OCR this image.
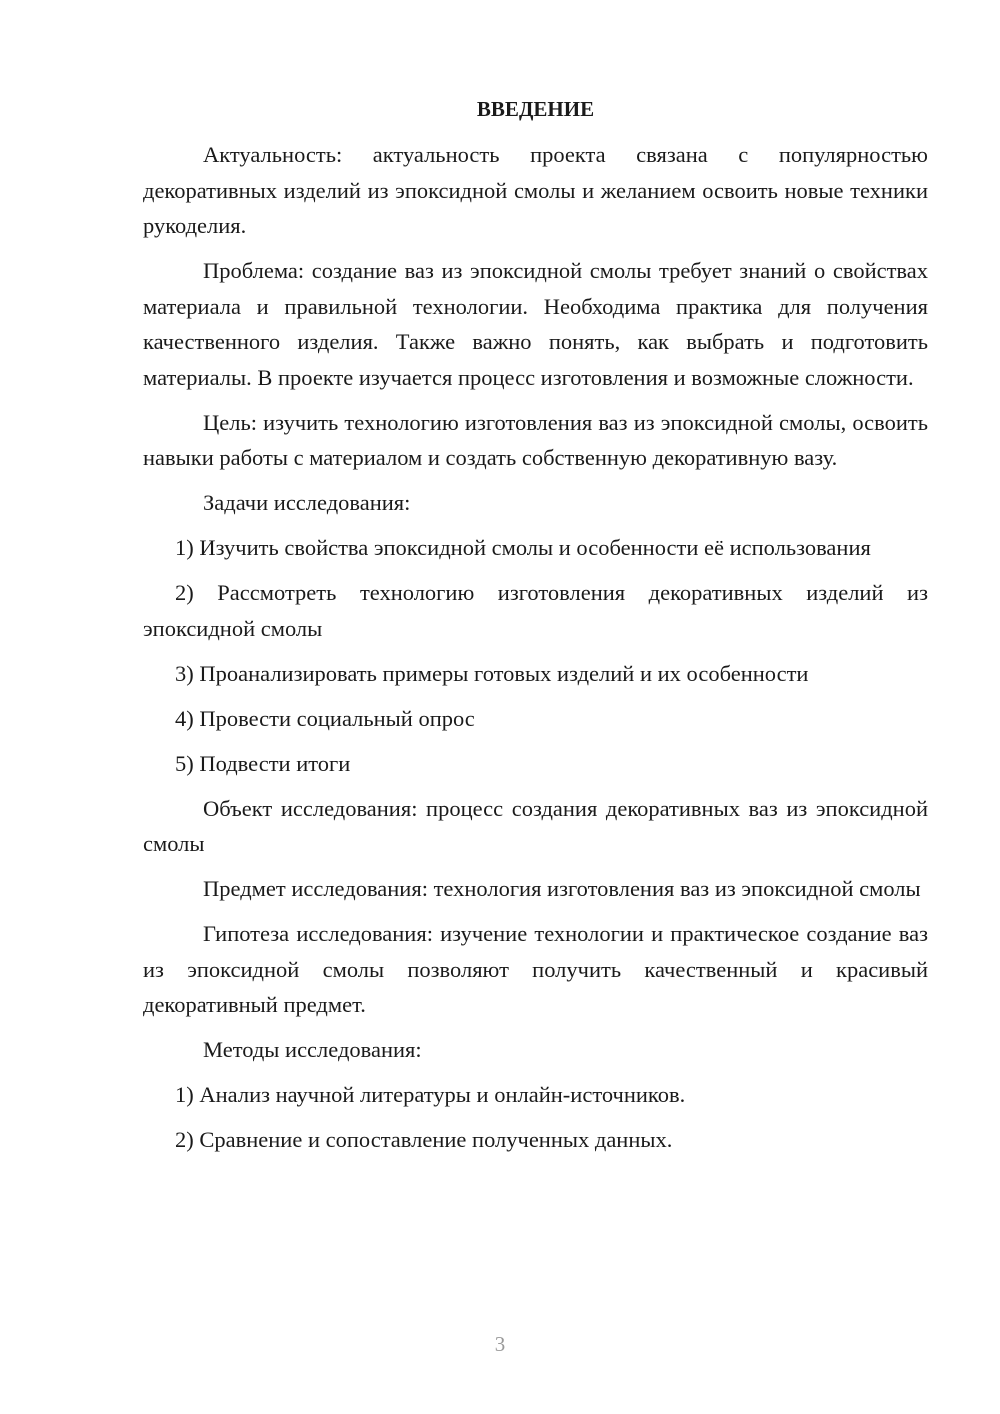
ВВЕДЕНИЕ

Актуальность: актуальность проекта связана с популярностью декоративных изделий из эпоксидной смолы и желанием освоить новые техники рукоделия.

Проблема: создание ваз из эпоксидной смолы требует знаний о свойствах материала и правильной технологии. Необходима практика для получения качественного изделия. Также важно понять, как выбрать и подготовить материалы. В проекте изучается процесс изготовления и возможные сложности.

Цель: изучить технологию изготовления ваз из эпоксидной смолы, освоить навыки работы с материалом и создать собственную декоративную вазу.

Задачи исследования:

1) Изучить свойства эпоксидной смолы и особенности её использования

2) Рассмотреть технологию изготовления декоративных изделий из эпоксидной смолы

3) Проанализировать примеры готовых изделий и их особенности

4) Провести социальный опрос

5) Подвести итоги

Объект исследования: процесс создания декоративных ваз из эпоксидной смолы

Предмет исследования: технология изготовления ваз из эпоксидной смолы

Гипотеза исследования: изучение технологии и практическое создание ваз из эпоксидной смолы позволяют получить качественный и красивый декоративный предмет.

Методы исследования:

1) Анализ научной литературы и онлайн-источников.

2) Сравнение и сопоставление полученных данных.

3
